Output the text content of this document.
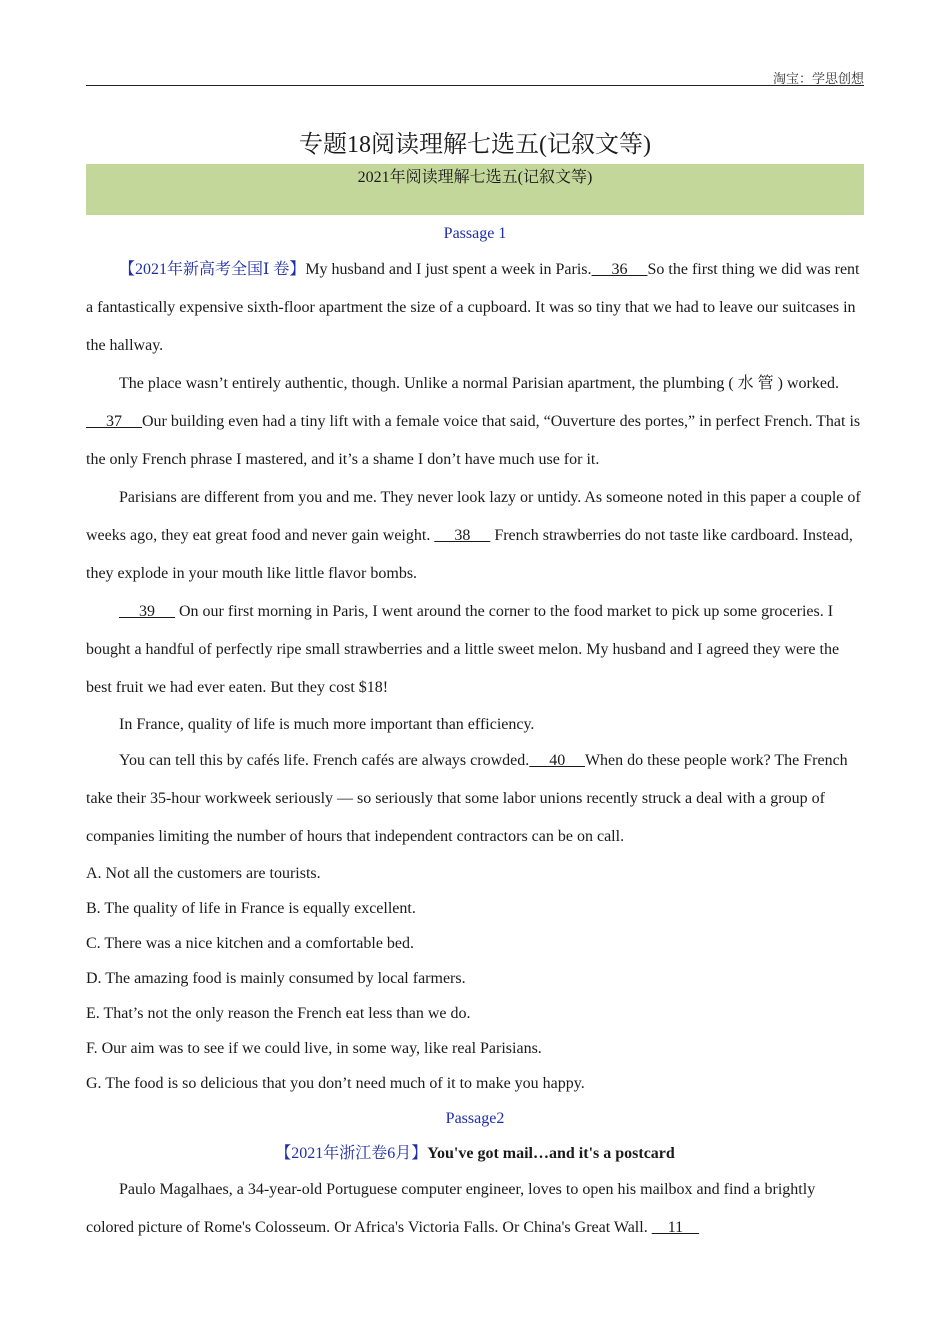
淘宝：学思创想
专题18阅读理解七选五(记叙文等)
2021年阅读理解七选五(记叙文等)

Passage 1

【2021年新高考全国Ⅰ 卷】My husband and I just spent a week in Paris.     36     So the first thing we did was rent a fantastically expensive sixth-floor apartment the size of a cupboard. It was so tiny that we had to leave our suitcases in the hallway.

The place wasn’t entirely authentic, though. Unlike a normal Parisian apartment, the plumbing ( 水 管 ) worked.      37     Our building even had a tiny lift with a female voice that said, “Ouverture des portes,” in perfect French. That is the only French phrase I mastered, and it’s a shame I don’t have much use for it.

Parisians are different from you and me. They never look lazy or untidy. As someone noted in this paper a couple of weeks ago, they eat great food and never gain weight.      38      French strawberries do not taste like cardboard. Instead, they explode in your mouth like little flavor bombs.

39      On our first morning in Paris, I went around the corner to the food market to pick up some groceries. I bought a handful of perfectly ripe small strawberries and a little sweet melon. My husband and I agreed they were the best fruit we had ever eaten. But they cost $18!

In France, quality of life is much more important than efficiency.

You can tell this by cafés life. French cafés are always crowded.     40     When do these people work? The French take their 35-hour workweek seriously — so seriously that some labor unions recently struck a deal with a group of companies limiting the number of hours that independent contractors can be on call.

A. Not all the customers are tourists.

B. The quality of life in France is equally excellent.

C. There was a nice kitchen and a comfortable bed.

D. The amazing food is mainly consumed by local farmers.

E. That’s not the only reason the French eat less than we do.

F. Our aim was to see if we could live, in some way, like real Parisians.

G. The food is so delicious that you don’t need much of it to make you happy.

Passage2

【2021年浙江卷6月】You've got mail…and it's a postcard

Paulo Magalhaes, a 34-year-old Portuguese computer engineer, loves to open his mailbox and find a brightly colored picture of Rome's Colosseum. Or Africa's Victoria Falls. Or China's Great Wall.     11
